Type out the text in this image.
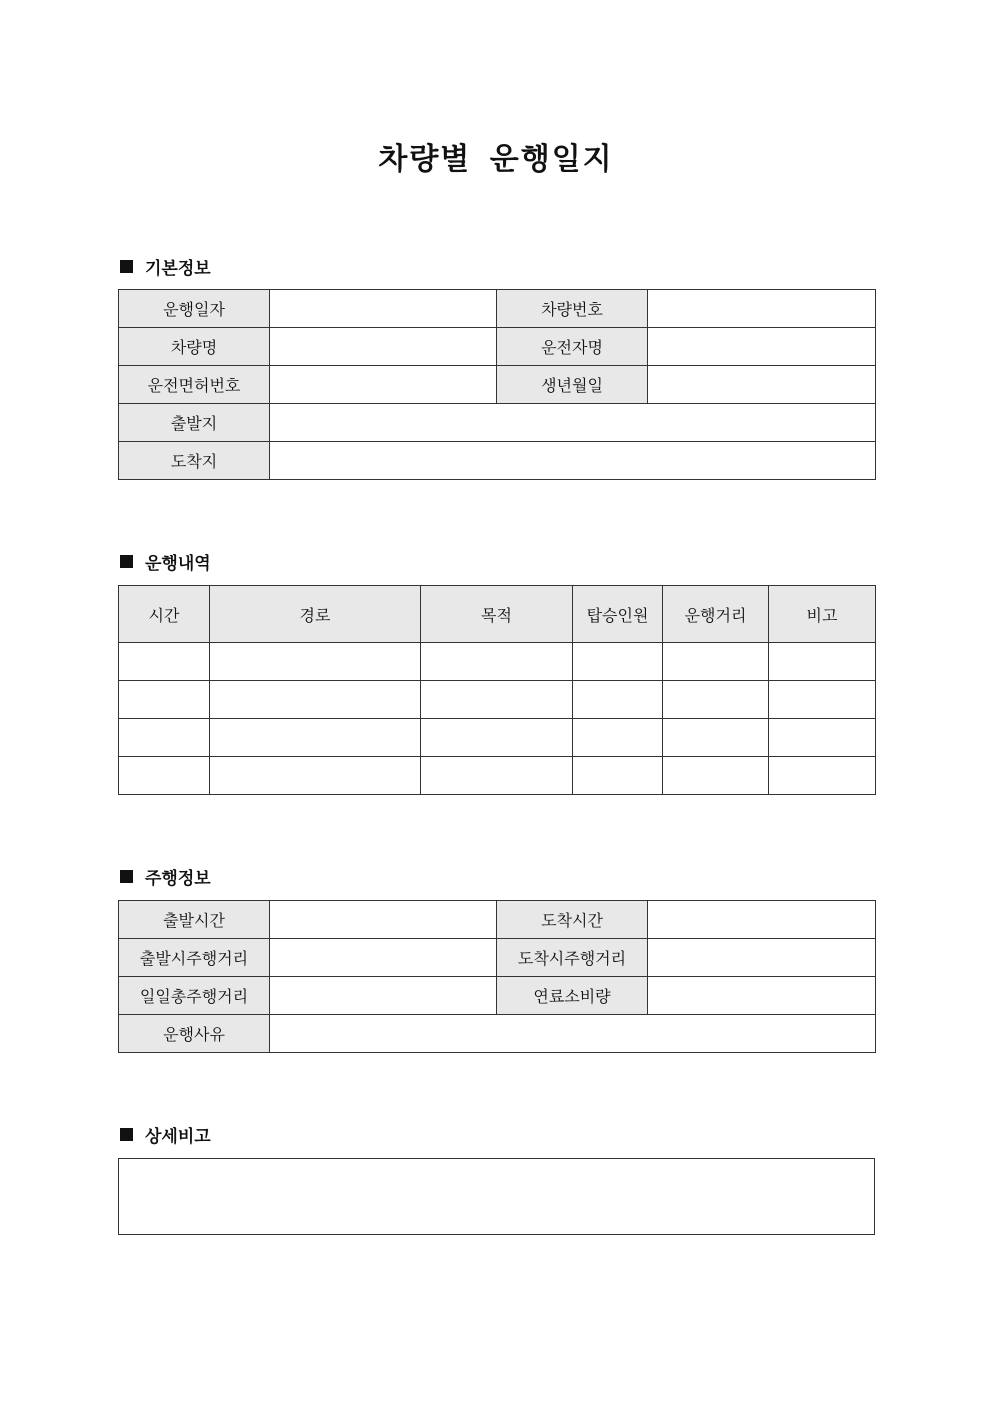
차량별 운행일지
기본정보
운행일자		차량번호	
차량명		운전자명	
운전면허번호		생년월일	
출발지			
도착지			
운행내역
시간	경로	목적	탑승인원	운행거리	비고

주행정보
출발시간		도착시간	
출발시주행거리		도착시주행거리	
일일총주행거리		연료소비량	
운행사유			
상세비고
